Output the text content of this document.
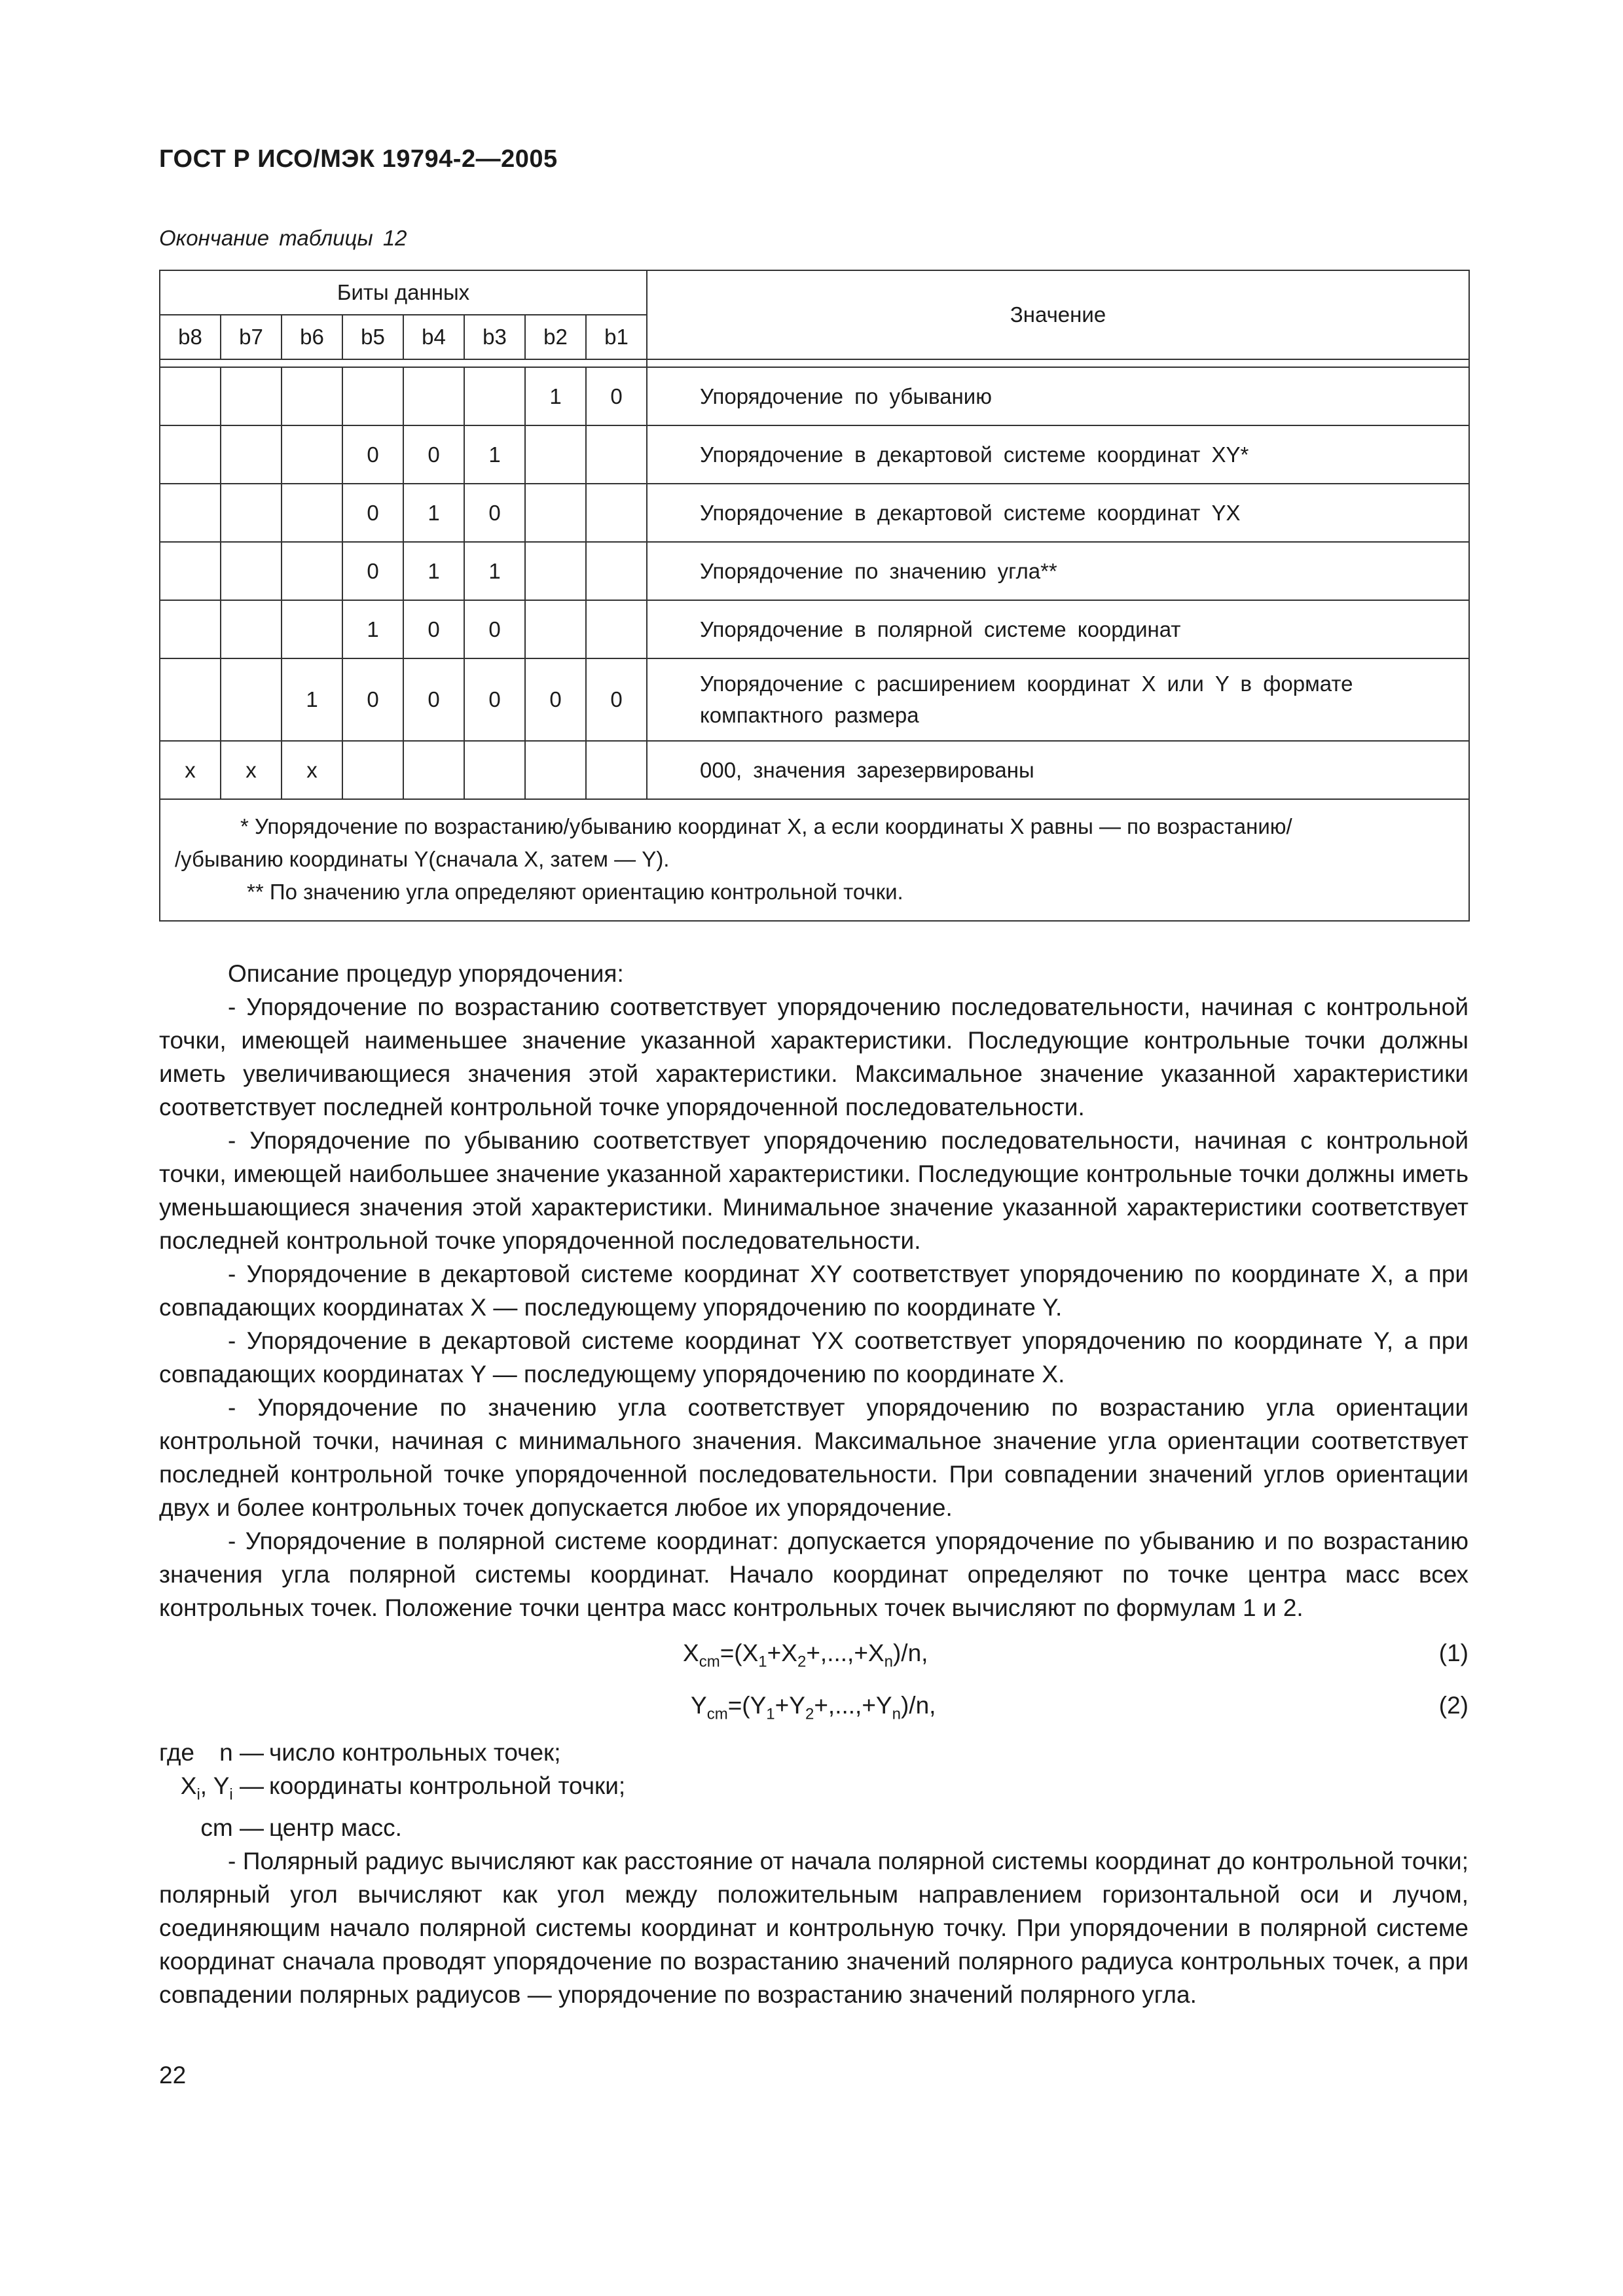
ГОСТ Р ИСО/МЭК 19794-2—2005
Окончание таблицы 12
Биты данных								Значение
b8	b7	b6	b5	b4	b3	b2	b1	

						1	0	Упорядочение по убыванию
			0	0	1			Упорядочение в декартовой системе координат XY*
			0	1	0			Упорядочение в декартовой системе координат YX
			0	1	1			Упорядочение по значению угла**
			1	0	0			Упорядочение в полярной системе координат
		1	0	0	0	0	0	Упорядочение с расширением координат X или Y в формате компактного размера
x	x	x						000, значения зарезервированы

* Упорядочение по возрастанию/убыванию координат X, а если координаты X равны — по возрастанию/
/убыванию координаты Y(сначала X, затем — Y).
** По значению угла определяют ориентацию контрольной точки.								

Описание процедур упорядочения:

- Упорядочение по возрастанию соответствует упорядочению последовательности, начиная с контрольной точки, имеющей наименьшее значение указанной характеристики. Последующие контрольные точки должны иметь увеличивающиеся значения этой характеристики. Максимальное значение указанной характеристики соответствует последней контрольной точке упорядоченной последовательности.

- Упорядочение по убыванию соответствует упорядочению последовательности, начиная с контрольной точки, имеющей наибольшее значение указанной характеристики. Последующие контрольные точки должны иметь уменьшающиеся значения этой характеристики. Минимальное значение указанной характеристики соответствует последней контрольной точке упорядоченной последовательности.

- Упорядочение в декартовой системе координат XY соответствует упорядочению по координате X, а при совпадающих координатах X — последующему упорядочению по координате Y.

- Упорядочение в декартовой системе координат YX соответствует упорядочению по координате Y, а при совпадающих координатах Y — последующему упорядочению по координате X.

- Упорядочение по значению угла соответствует упорядочению по возрастанию угла ориентации контрольной точки, начиная с минимального значения. Максимальное значение угла ориентации соответствует последней контрольной точке упорядоченной последовательности. При совпадении значений углов ориентации двух и более контрольных точек допускается любое их упорядочение.

- Упорядочение в полярной системе координат: допускается упорядочение по убыванию и по возрастанию значения угла полярной системы координат. Начало координат определяют по точке центра масс всех контрольных точек. Положение точки центра масс контрольных точек вычисляют по формулам 1 и 2.

$X_{cm}=(X_1+X_2+,...,+X_n)/n$,	(1)
$Y_{cm}=(Y_1+Y_2+,...,+Y_n)/n$,	(2)
где	n — число контрольных точек;
$X_i$, $Y_i$ — координаты контрольной точки;
cm — центр масс.

- Полярный радиус вычисляют как расстояние от начала полярной системы координат до контрольной точки; полярный угол вычисляют как угол между положительным направлением горизонтальной оси и лучом, соединяющим начало полярной системы координат и контрольную точку. При упорядочении в полярной системе координат сначала проводят упорядочение по возрастанию значений полярного радиуса контрольных точек, а при совпадении полярных радиусов — упорядочение по возрастанию значений полярного угла.

22
